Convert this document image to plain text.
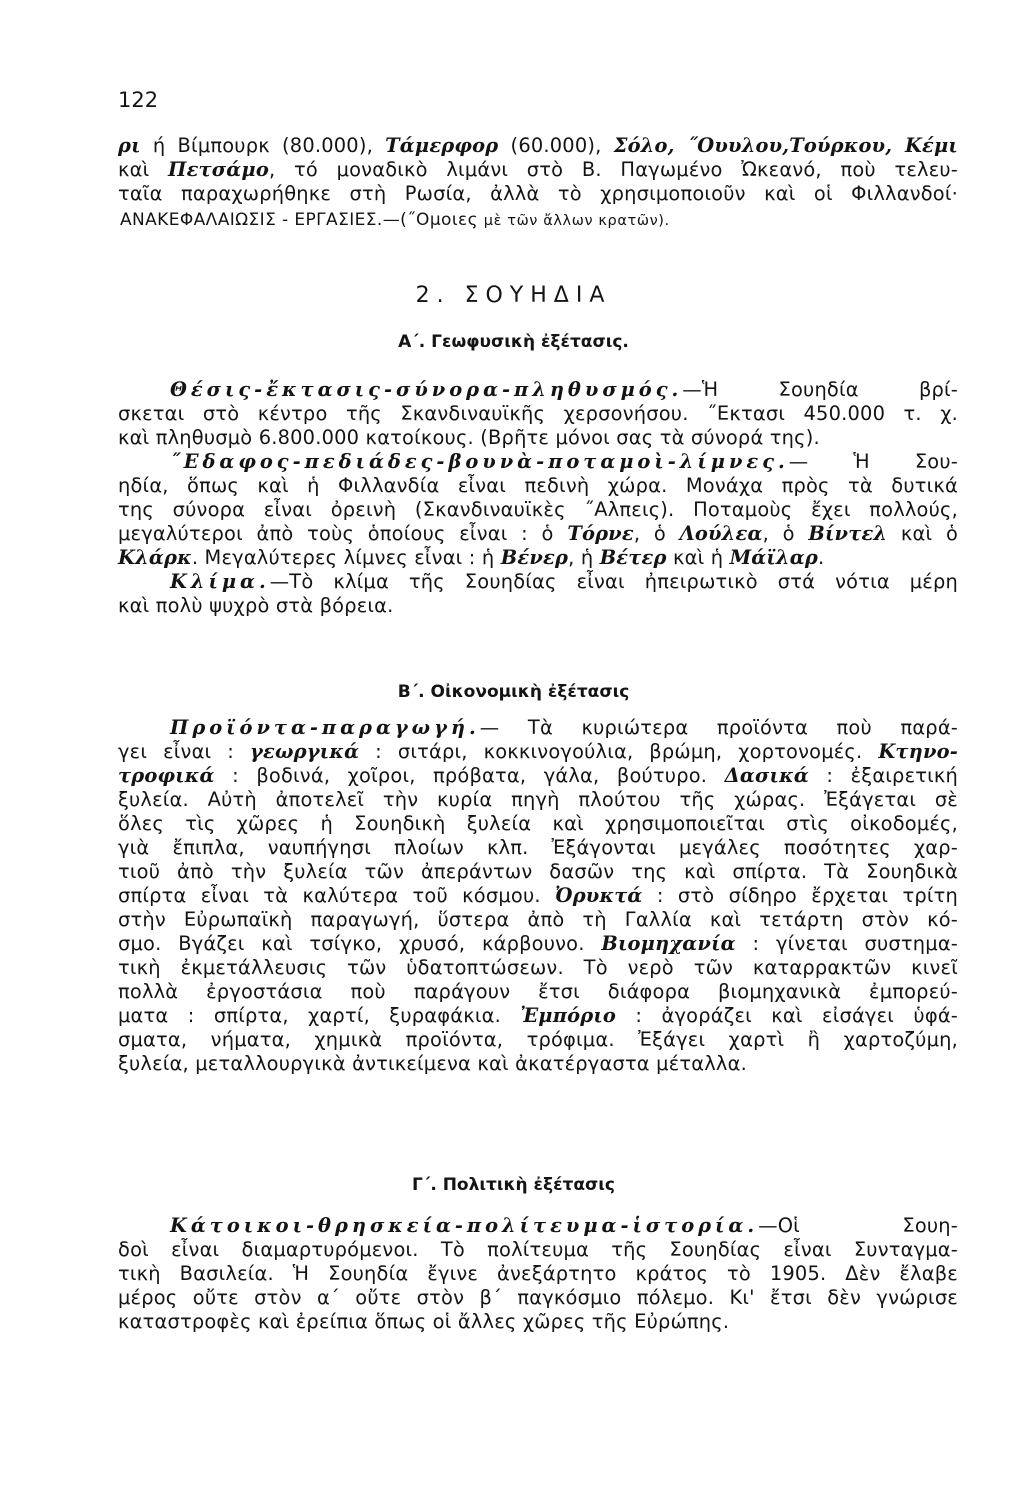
122
ρι ή Βίμπουρκ (80.000), Τάμερφορ (60.000), Σόλο, ˝Ουυλου,Τούρκου, Κέμι
καὶ Πετσάμο, τό μοναδικὸ λιμάνι στὸ Β. Παγωμένο Ὠκεανό, ποὺ τελευ-
ταῖα παραχωρήθηκε στὴ Ρωσία, ἀλλὰ τὸ χρησιμοποιοῦν καὶ οἱ Φιλλανδοί·
ΑΝΑΚΕΦΑΛΑΙΩΣΙΣ - ΕΡΓΑΣΙΕΣ.—(˝Ομοιες μὲ τῶν ἄλλων κρατῶν).
2. ΣΟΥΗΔΙΑ
Α΄. Γεωφυσικὴ ἐξέτασις.
Θέσις-ἔκτασις-σύνορα-πληθυσμός.—Ἡ Σουηδία βρί-
σκεται στὸ κέντρο τῆς Σκανδιναυϊκῆς χερσονήσου. ˝Εκτασι 450.000 τ. χ.
καὶ πληθυσμὸ 6.800.000 κατοίκους. (Βρῆτε μόνοι σας τὰ σύνορά της).
˝Εδαφος-πεδιάδες-βουνὰ-ποταμοὶ-λίμνες.— Ἡ Σου-
ηδία, ὅπως καὶ ἡ Φιλλανδία εἶναι πεδινὴ χώρα. Μονάχα πρὸς τὰ δυτικά
της σύνορα εἶναι ὀρεινὴ (Σκανδιναυϊκὲς ˝Αλπεις). Ποταμοὺς ἔχει πολλούς,
μεγαλύτεροι ἀπὸ τοὺς ὁποίους εἶναι : ὁ Τόρνε, ὁ Λούλεα, ὁ Βίντελ καὶ ὁ
Κλάρκ. Μεγαλύτερες λίμνες εἶναι : ἡ Βένερ, ἡ Βέτερ καὶ ἡ Μάϊλαρ.
Κλίμα.—Τὸ κλίμα τῆς Σουηδίας εἶναι ἠπειρωτικὸ στά νότια μέρη
καὶ πολὺ ψυχρὸ στὰ βόρεια.
Β΄. Οἰκονομικὴ ἐξέτασις
Προϊόντα-παραγωγή.— Τὰ κυριώτερα προϊόντα ποὺ παρά-
γει εἶναι : γεωργικά : σιτάρι, κοκκινογούλια, βρώμη, χορτονομές. Κτηνο-
τροφικά : βοδινά, χοῖροι, πρόβατα, γάλα, βούτυρο. Δασικά : ἐξαιρετική
ξυλεία. Αὐτὴ ἀποτελεῖ τὴν κυρία πηγὴ πλούτου τῆς χώρας. Ἐξάγεται σὲ
ὅλες τὶς χῶρες ἡ Σουηδικὴ ξυλεία καὶ χρησιμοποιεῖται στὶς οἰκοδομές,
γιὰ ἔπιπλα, ναυπήγησι πλοίων κλπ. Ἐξάγονται μεγάλες ποσότητες χαρ-
τιοῦ ἀπὸ τὴν ξυλεία τῶν ἀπεράντων δασῶν της καὶ σπίρτα. Τὰ Σουηδικὰ
σπίρτα εἶναι τὰ καλύτερα τοῦ κόσμου. Ὀρυκτά : στὸ σίδηρο ἔρχεται τρίτη
στὴν Εὐρωπαϊκὴ παραγωγή, ὕστερα ἀπὸ τὴ Γαλλία καὶ τετάρτη στὸν κό-
σμο. Βγάζει καὶ τσίγκο, χρυσό, κάρβουνο. Βιομηχανία : γίνεται συστημα-
τικὴ ἐκμετάλλευσις τῶν ὑδατοπτώσεων. Τὸ νερὸ τῶν καταρρακτῶν κινεῖ
πολλὰ ἐργοστάσια ποὺ παράγουν ἔτσι διάφορα βιομηχανικὰ ἐμπορεύ-
ματα : σπίρτα, χαρτί, ξυραφάκια. Ἐμπόριο : ἀγοράζει καὶ εἰσάγει ὑφά-
σματα, νήματα, χημικὰ προϊόντα, τρόφιμα. Ἐξάγει χαρτὶ ἢ χαρτοζύμη,
ξυλεία, μεταλλουργικὰ ἀντικείμενα καὶ ἀκατέργαστα μέταλλα.
Γ΄. Πολιτικὴ ἐξέτασις
Κάτοικοι-θρησκεία-πολίτευμα-ἱστορία.—Οἱ Σουη-
δοὶ εἶναι διαμαρτυρόμενοι. Τὸ πολίτευμα τῆς Σουηδίας εἶναι Συνταγμα-
τικὴ Βασιλεία. Ἡ Σουηδία ἔγινε ἀνεξάρτητο κράτος τὸ 1905. Δὲν ἔλαβε
μέρος οὔτε στὸν α΄ οὔτε στὸν β΄ παγκόσμιο πόλεμο. Κι' ἔτσι δὲν γνώρισε
καταστροφὲς καὶ ἐρείπια ὅπως οἱ ἄλλες χῶρες τῆς Εὐρώπης.
